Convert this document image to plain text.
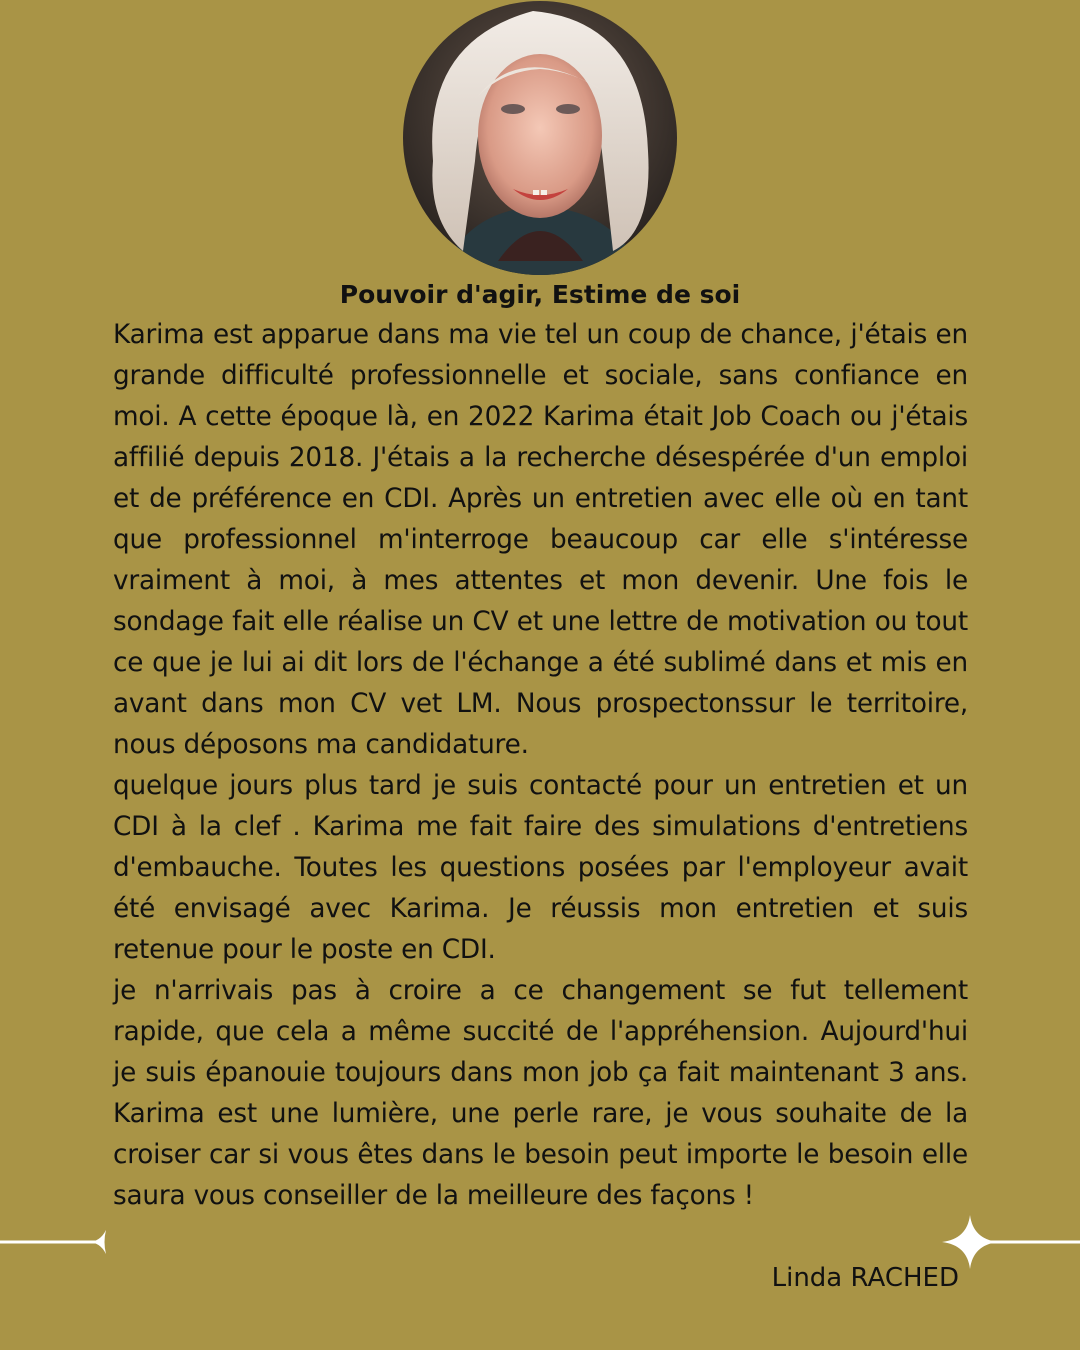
Pouvoir d'agir, Estime de soi

Karima est apparue dans ma vie tel un coup de chance, j'étais en grande difficulté professionnelle et sociale, sans confiance en moi. A cette époque là, en 2022 Karima était Job Coach ou j'étais affilié depuis 2018. J'étais a la recherche désespérée d'un emploi et de préférence en CDI. Après un entretien avec elle où en tant que professionnel m'interroge beaucoup car elle s'intéresse vraiment à moi, à mes attentes et mon devenir. Une fois le sondage fait elle réalise un CV et une lettre de motivation ou tout ce que je lui ai dit lors de l'échange a été sublimé dans et mis en avant dans mon CV vet LM. Nous prospectonssur le territoire, nous déposons ma candidature.

quelque jours plus tard je suis contacté pour un entretien et un CDI à la clef . Karima me fait faire des simulations d'entretiens d'embauche. Toutes les questions posées par l'employeur avait été envisagé avec Karima. Je réussis mon entretien et suis retenue pour le poste en CDI.

je n'arrivais pas à croire a ce changement se fut tellement rapide, que cela a même succité de l'appréhension. Aujourd'hui je suis épanouie toujours dans mon job ça fait maintenant 3 ans. Karima est une lumière, une perle rare, je vous souhaite de la croiser car si vous êtes dans le besoin peut importe le besoin elle saura vous conseiller de la meilleure des façons !

Linda RACHED
